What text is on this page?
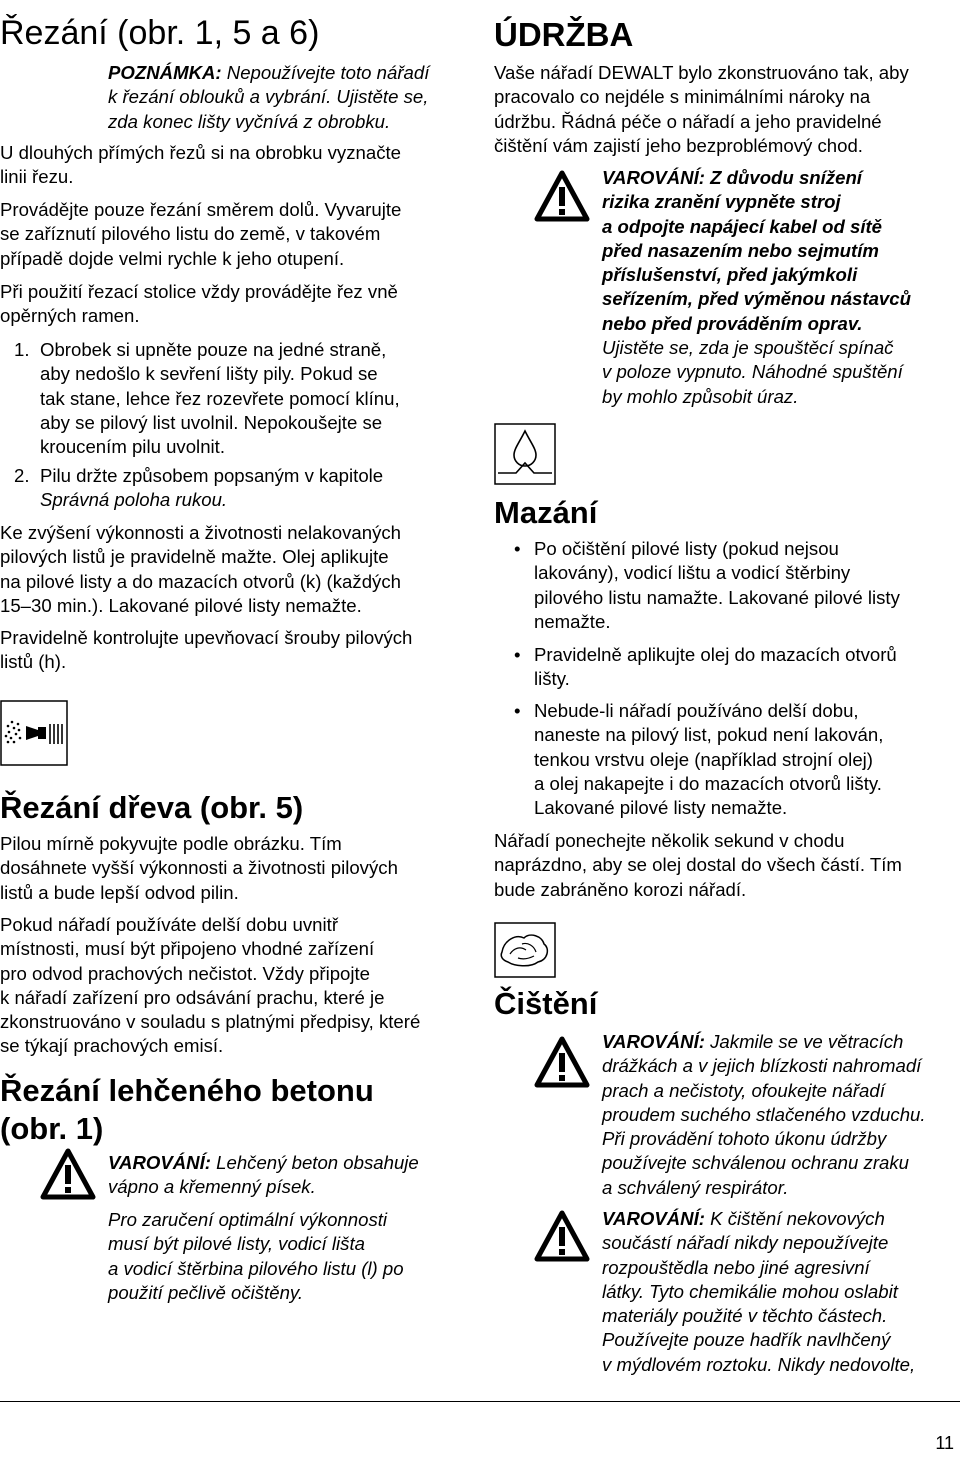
Řezání (obr. 1, 5 a 6)

POZNÁMKA: Nepoužívejte toto nářadí
k řezání oblouků a vybrání. Ujistěte se,
zda konec lišty vyčnívá z obrobku.

U dlouhých přímých řezů si na obrobku vyznačte
linii řezu.

Provádějte pouze řezání směrem dolů. Vyvarujte
se zaříznutí pilového listu do země, v takovém
případě dojde velmi rychle k jeho otupení.

Při použití řezací stolice vždy provádějte řez vně
opěrných ramen.

1. Obrobek si upněte pouze na jedné straně,
aby nedošlo k sevření lišty pily. Pokud se
tak stane, lehce řez rozevřete pomocí klínu,
aby se pilový list uvolnil. Nepokoušejte se
kroucením pilu uvolnit.

2. Pilu držte způsobem popsaným v kapitole
Správná poloha rukou.

Ke zvýšení výkonnosti a životnosti nelakovaných
pilových listů je pravidelně mažte. Olej aplikujte
na pilové listy a do mazacích otvorů (k) (každých
15–30 min.). Lakované pilové listy nemažte.

Pravidelně kontrolujte upevňovací šrouby pilových
listů (h).

Řezání dřeva (obr. 5)

Pilou mírně pokyvujte podle obrázku. Tím
dosáhnete vyšší výkonnosti a životnosti pilových
listů a bude lepší odvod pilin.

Pokud nářadí používáte delší dobu uvnitř
místnosti, musí být připojeno vhodné zařízení
pro odvod prachových nečistot. Vždy připojte
k nářadí zařízení pro odsávání prachu, které je
zkonstruováno v souladu s platnými předpisy, které
se týkají prachových emisí.

Řezání lehčeného betonu
(obr. 1)

VAROVÁNÍ: Lehčený beton obsahuje
vápno a křemenný písek.

Pro zaručení optimální výkonnosti
musí být pilové listy, vodicí lišta
a vodicí štěrbina pilového listu (l) po
použití pečlivě očištěny.

ÚDRŽBA

Vaše nářadí DEWALT bylo zkonstruováno tak, aby
pracovalo co nejdéle s minimálními nároky na
údržbu. Řádná péče o nářadí a jeho pravidelné
čištění vám zajistí jeho bezproblémový chod.

VAROVÁNÍ: Z důvodu snížení
rizika zranění vypněte stroj
a odpojte napájecí kabel od sítě
před nasazením nebo sejmutím
příslušenství, před jakýmkoli
seřízením, před výměnou nástavců
nebo před prováděním oprav.

Ujistěte se, zda je spouštěcí spínač
v poloze vypnuto. Náhodné spuštění
by mohlo způsobit úraz.

Mazání
• Po očištění pilové listy (pokud nejsou
lakovány), vodicí lištu a vodicí štěrbiny
pilového listu namažte. Lakované pilové listy
nemažte.

• Pravidelně aplikujte olej do mazacích otvorů
lišty.

• Nebude-li nářadí používáno delší dobu,
naneste na pilový list, pokud není lakován,
tenkou vrstvu oleje (například strojní olej)
a olej nakapejte i do mazacích otvorů lišty.
Lakované pilové listy nemažte.

Nářadí ponechejte několik sekund v chodu
naprázdno, aby se olej dostal do všech částí. Tím
bude zabráněno korozi nářadí.

Čištění

VAROVÁNÍ: Jakmile se ve větracích
drážkách a v jejich blízkosti nahromadí
prach a nečistoty, ofoukejte nářadí
proudem suchého stlačeného vzduchu.
Při provádění tohoto úkonu údržby
používejte schválenou ochranu zraku
a schválený respirátor.

VAROVÁNÍ: K čištění nekovových
součástí nářadí nikdy nepoužívejte
rozpouštědla nebo jiné agresivní
látky. Tyto chemikálie mohou oslabit
materiály použité v těchto částech.
Používejte pouze hadřík navlhčený
v mýdlovém roztoku. Nikdy nedovolte,

11
